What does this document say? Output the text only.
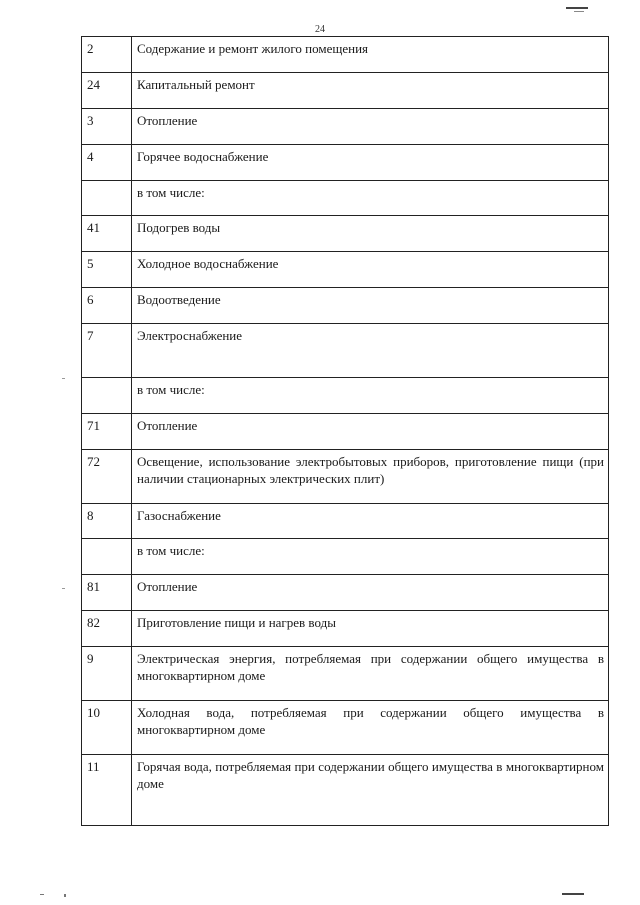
24
2	Содержание и ремонт жилого помещения
24	Капитальный ремонт
3	Отопление
4	Горячее водоснабжение
	в том числе:
41	Подогрев воды
5	Холодное водоснабжение
6	Водоотведение
7	Электроснабжение
	в том числе:
71	Отопление
72	Освещение, использование электробытовых приборов, приготовление пищи (при наличии стационарных электрических плит)
8	Газоснабжение
	в том числе:
81	Отопление
82	Приготовление пищи и нагрев воды
9	Электрическая энергия, потребляемая при содержании общего имущества в многоквартирном доме
10	Холодная вода, потребляемая при содержании общего имущества в многоквартирном доме
11	Горячая вода, потребляемая при содержании общего имущества в многоквартирном доме
